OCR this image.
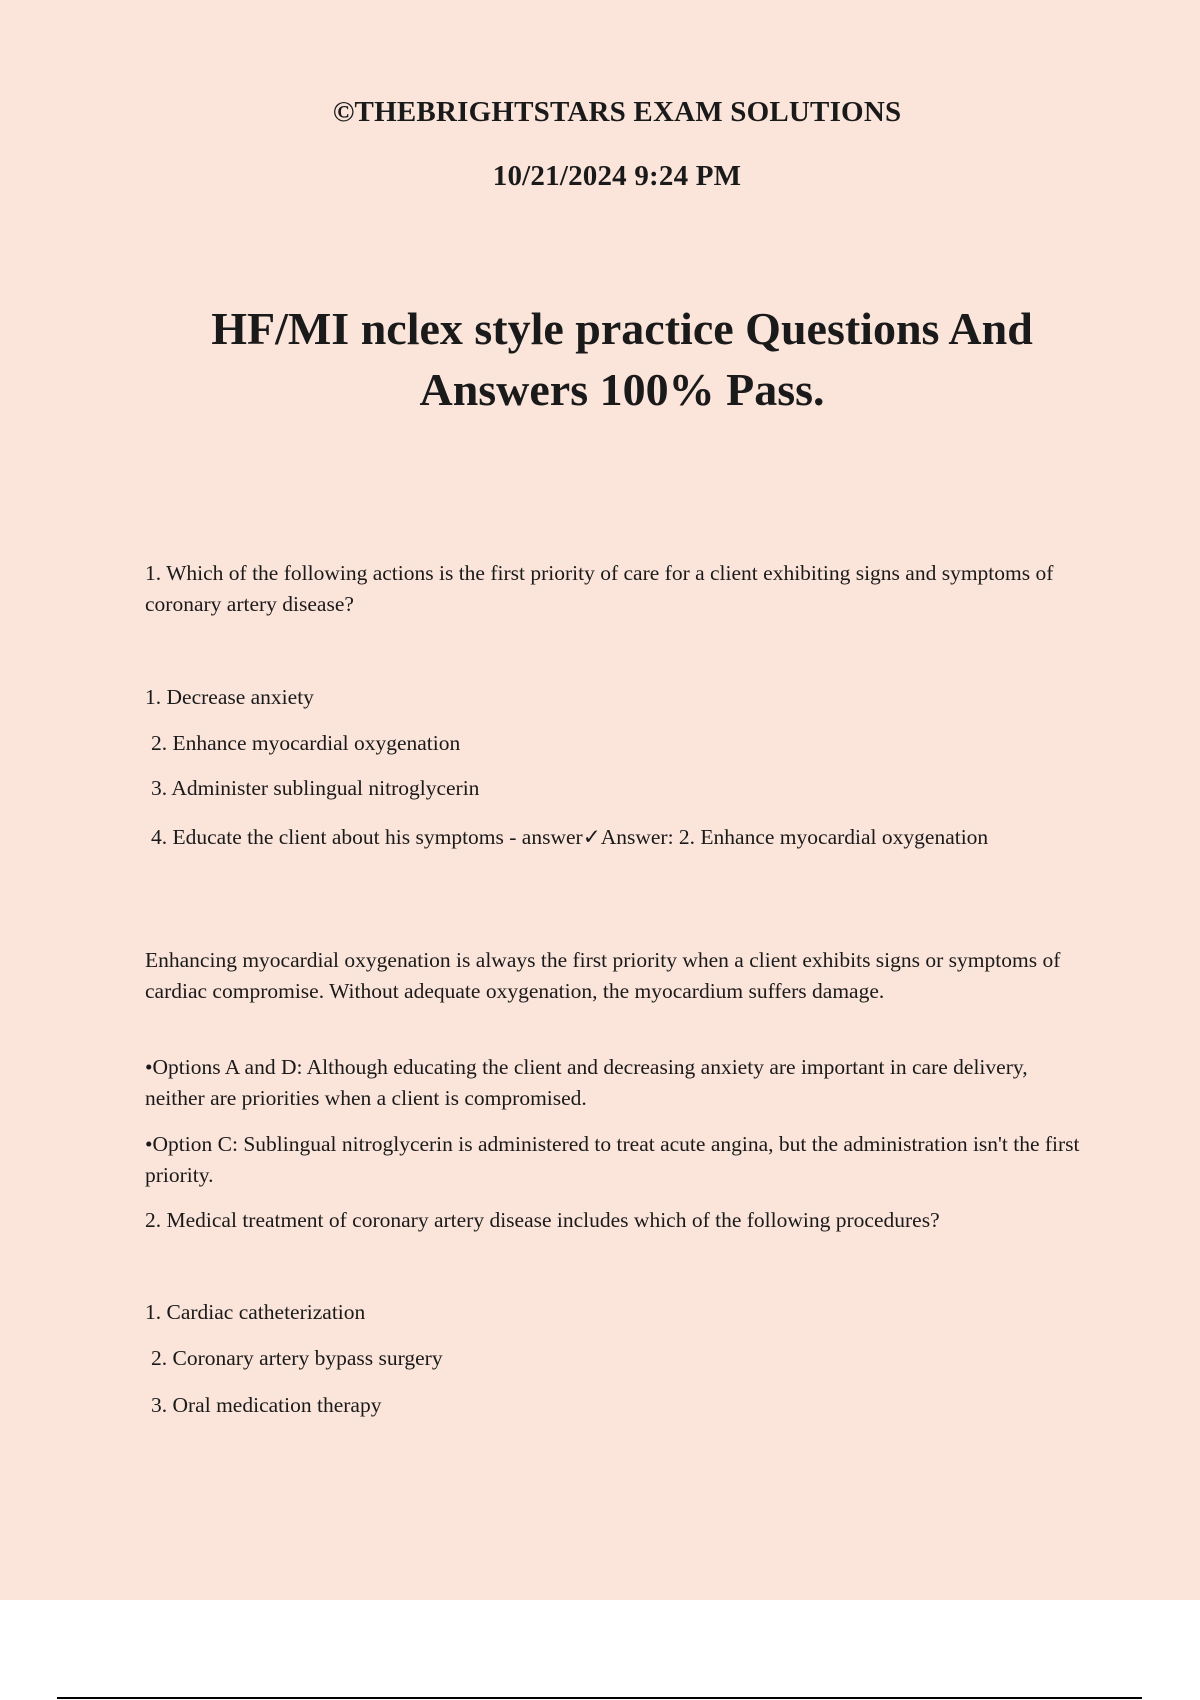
©THEBRIGHTSTARS EXAM SOLUTIONS
10/21/2024 9:24 PM
HF/MI nclex style practice Questions And Answers 100% Pass.
1. Which of the following actions is the first priority of care for a client exhibiting signs and symptoms of coronary artery disease?
1. Decrease anxiety
2. Enhance myocardial oxygenation
3. Administer sublingual nitroglycerin
4. Educate the client about his symptoms - answer✓Answer: 2. Enhance myocardial oxygenation
Enhancing myocardial oxygenation is always the first priority when a client exhibits signs or symptoms of cardiac compromise. Without adequate oxygenation, the myocardium suffers damage.
•Options A and D: Although educating the client and decreasing anxiety are important in care delivery, neither are priorities when a client is compromised.
•Option C: Sublingual nitroglycerin is administered to treat acute angina, but the administration isn't the first priority.
2. Medical treatment of coronary artery disease includes which of the following procedures?
1. Cardiac catheterization
2. Coronary artery bypass surgery
3. Oral medication therapy
